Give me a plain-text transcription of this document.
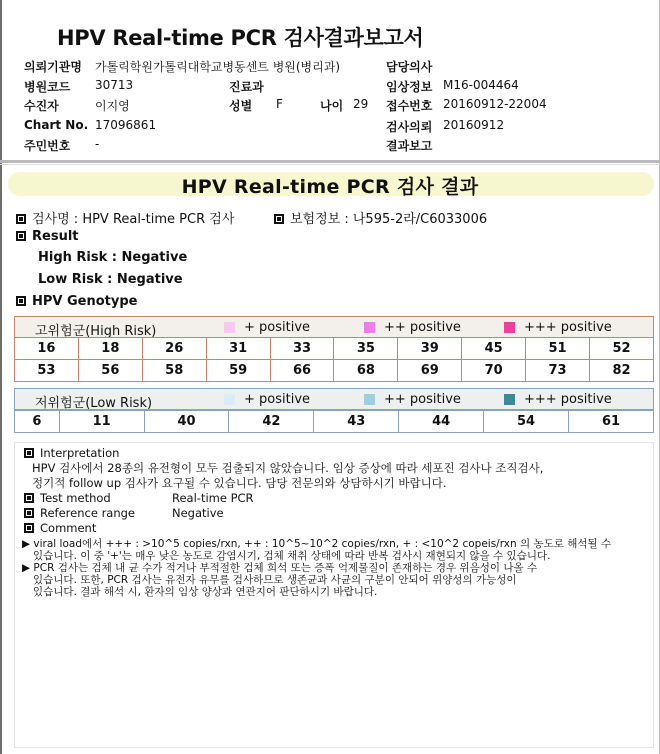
HPV Real-time PCR 검사결과보고서
의뢰기관명 가톨릭학원가톨릭대학교병동센트 병원(병리과)
병원코드 30713	진료과
수진자	이지영	성별 F	나이 29
Chart No. 17096861
주민번호 -
담당의사
임상정보 M16-004464
접수번호 20160912-22004
검사의뢰 20160912
결과보고
HPV Real-time PCR 검사 결과
검사명 : HPV Real-time PCR 검사	보험정보 : 나595-2라/C6033006
Result
High Risk : Negative
Low Risk : Negative
HPV Genotype
고위험군(High Risk)	+ positive	++ positive	+++ positive
16	18	26	31	33	35	39	45	51	52
53	56	58	59	66	68	69	70	73	82
저위험군(Low Risk)	+ positive	++ positive	+++ positive
6	11	40	42	43	44	54	61
Interpretation
HPV 검사에서 28종의 유전형이 모두 검출되지 않았습니다. 임상 증상에 따라 세포진 검사나 조직검사,
정기적 follow up 검사가 요구될 수 있습니다. 담당 전문의와 상담하시기 바랍니다.
Test method	Real-time PCR
Reference range	Negative
Comment
▶ viral load에서 +++ : >10^5 copies/rxn, ++ : 10^5~10^2 copies/rxn, + : <10^2 copeis/rxn 의 농도로 해석될 수
있습니다. 이 중 '+'는 매우 낮은 농도로 감염시기, 검체 채취 상태에 따라 반복 검사시 재현되지 않을 수 있습니다.
▶ PCR 검사는 검체 내 균 수가 적거나 부적절한 검체 희석 또는 증폭 억제물질이 존재하는 경우 위음성이 나올 수
있습니다. 또한, PCR 검사는 유전자 유무를 검사하므로 생존균과 사균의 구분이 안되어 위양성의 가능성이
있습니다. 결과 해석 시, 환자의 임상 양상과 연관지어 판단하시기 바랍니다.
